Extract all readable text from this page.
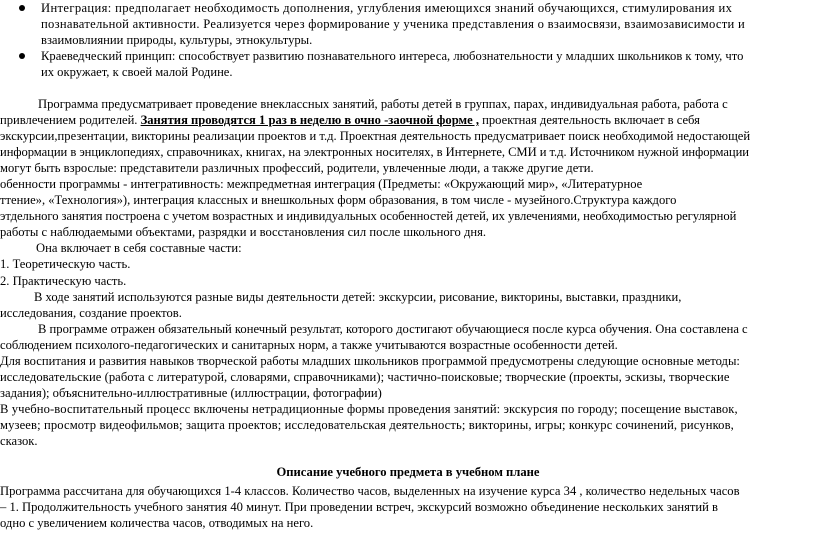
Интеграция: предполагает необходимость дополнения, углубления имеющихся знаний обучающихся, стимулирования их
познавательной активности. Реализуется через формирование у ученика представления о взаимосвязи, взаимозависимости и
взаимовлиянии природы, культуры, этнокультуры.
Краеведческий принцип: способствует развитию познавательного интереса, любознательности у младших школьников к тому, что
их окружает, к своей малой Родине.
Программа предусматривает проведение внеклассных занятий, работы детей в группах, парах, индивидуальная работа, работа с
привлечением родителей. Занятия проводятся 1 раз в неделю в очно -заочной форме , проектная деятельность включает в себя
экскурсии,презентации, викторины реализации проектов и т.д. Проектная деятельность предусматривает поиск необходимой недостающей
информации в энциклопедиях, справочниках, книгах, на электронных носителях, в Интернете, СМИ и т.д. Источником нужной информации
могут быть взрослые: представители различных профессий, родители, увлеченные люди, а также другие дети.
обенности программы - интегративность: межпредметная интеграция (Предметы: «Окружающий мир», «Литературное
ттение», «Технология»), интеграция классных и внешкольных форм образования, в том числе - музейного.Структура каждого
этдельного занятия построена с учетом возрастных и индивидуальных особенностей детей, их увлечениями, необходимостью регулярной
работы с наблюдаемыми объектами, разрядки и восстановления сил после школьного дня.
Она включает в себя составные части:
1. Теоретическую часть.
2. Практическую часть.
В ходе занятий используются разные виды деятельности детей: экскурсии, рисование, викторины, выставки, праздники,
исследования, создание проектов.
В программе отражен обязательный конечный результат, которого достигают обучающиеся после курса обучения. Она составлена с
соблюдением психолого-педагогических и санитарных норм, а также учитываются возрастные особенности детей.
Для воспитания и развития навыков творческой работы младших школьников программой предусмотрены следующие основные методы:
исследовательские (работа с литературой, словарями, справочниками); частично-поисковые; творческие (проекты, эскизы, творческие
задания); объяснительно-иллюстративные (иллюстрации, фотографии)
В учебно-воспитательный процесс включены нетрадиционные формы проведения занятий: экскурсия по городу; посещение выставок,
музеев; просмотр видеофильмов; защита проектов; исследовательская деятельность; викторины, игры; конкурс сочинений, рисунков,
сказок.
Описание учебного предмета в учебном плане
Программа рассчитана для обучающихся 1-4 классов. Количество часов, выделенных на изучение курса 34 , количество недельных часов
– 1. Продолжительность учебного занятия 40 минут. При проведении встреч, экскурсий возможно объединение нескольких занятий в
одно с увеличением количества часов, отводимых на него.
